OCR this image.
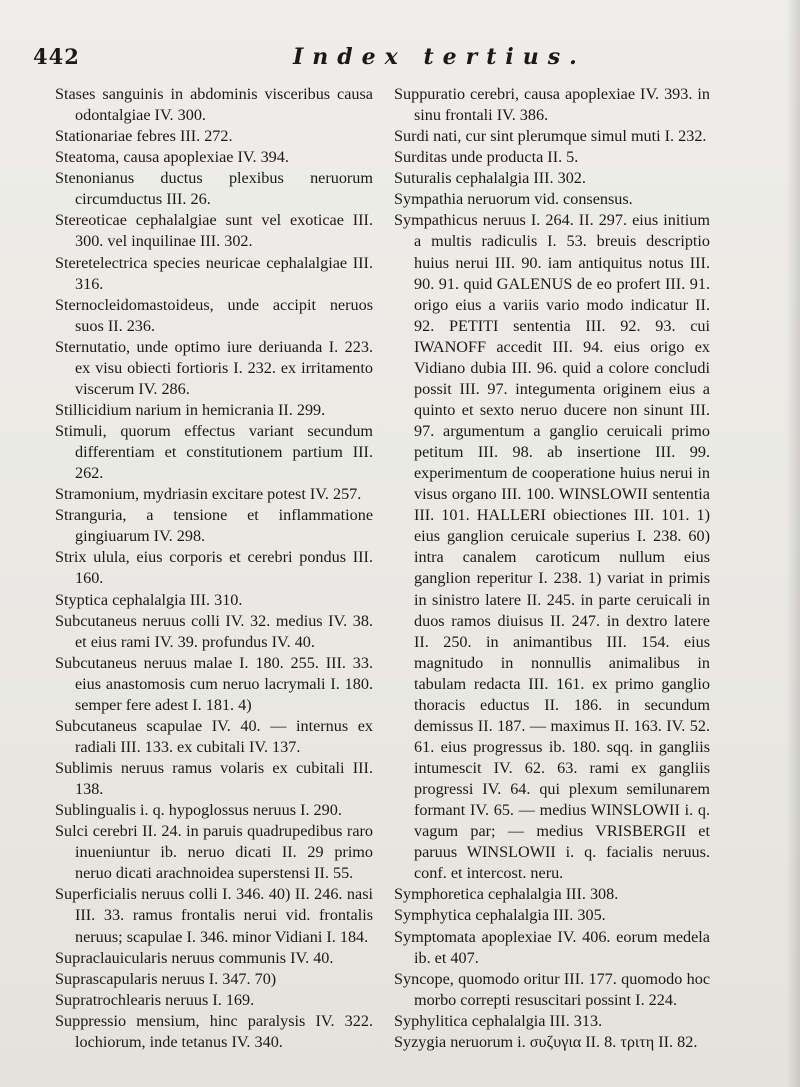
442	Index tertius.
Stases sanguinis in abdominis visceribus causa odontalgiae IV. 300.
Stationariae febres III. 272.
Steatoma, causa apoplexiae IV. 394.
Stenonianus ductus plexibus neruorum circumductus III. 26.
Stereoticae cephalalgiae sunt vel exoticae III. 300. vel inquilinae III. 302.
Stereteleсtrica species neuricae cephalalgiae III. 316.
Sternocleidomastoideus, unde accipit neruos suos II. 236.
Sternutatio, unde optimo iure deriuanda I. 223. ex visu obiecti fortioris I. 232. ex irritamento viscerum IV. 286.
Stillicidium narium in hemicrania II. 299.
Stimuli, quorum effectus variant secundum differentiam et constitutionem partium III. 262.
Stramonium, mydriasin excitare potest IV. 257.
Stranguria, a tensione et inflammatione gingiuarum IV. 298.
Strix ulula, eius corporis et cerebri pondus III. 160.
Styptica cephalalgia III. 310.
Subcutaneus neruus colli IV. 32. medius IV. 38. et eius rami IV. 39. profundus IV. 40.
Subcutaneus neruus malae I. 180. 255. III. 33. eius anastomosis cum neruo lacrymali I. 180. semper fere adest I. 181. 4)
Subcutaneus scapulae IV. 40. — internus ex radiali III. 133. ex cubitali IV. 137.
Sublimis neruus ramus volaris ex cubitali III. 138.
Sublingualis i. q. hypoglossus neruus I. 290.
Sulci cerebri II. 24. in paruis quadrupedibus raro inueniuntur ib. neruo dicati II. 29 primo neruo dicati arachnoidea superstensi II. 55.
Superficialis neruus colli I. 346. 40) II. 246. nasi III. 33. ramus frontalis nerui vid. frontalis neruus; scapulae I. 346. minor Vidiani I. 184.
Supraclauicularis neruus communis IV. 40.
Suprascapularis neruus I. 347. 70)
Supratrochlearis neruus I. 169.
Suppressio mensium, hinc paralysis IV. 322. lochiorum, inde tetanus IV. 340.
Suppuratio cerebri, causa apoplexiae IV. 393. in sinu frontali IV. 386.
Surdi nati, cur sint plerumque simul muti I. 232.
Surditas unde producta II. 5.
Suturalis cephalalgia III. 302.
Sympathia neruorum vid. consensus.
Sympathicus neruus I. 264. II. 297. eius initium a multis radiculis I. 53. breuis descriptio huius nerui III. 90. iam antiquitus notus III. 90. 91. quid GALENUS de eo profert III. 91. origo eius a variis vario modo indicatur II. 92. PETITI sententia III. 92. 93. cui IWANOFF accedit III. 94. eius origo ex Vidiano dubia III. 96. quid a colore concludi possit III. 97. integumenta originem eius a quinto et sexto neruo ducere non sinunt III. 97. argumentum a ganglio ceruicali primo petitum III. 98. ab insertione III. 99. experimentum de cooperatione huius nerui in visus organo III. 100. WINSLOWII sententia III. 101. HALLERI obiectiones III. 101. 1) eius ganglion ceruicale superius I. 238. 60) intra canalem caroticum nullum eius ganglion reperitur I. 238. 1) variat in primis in sinistro latere II. 245. in parte ceruicali in duos ramos diuisus II. 247. in dextro latere II. 250. in animantibus III. 154. eius magnitudo in nonnullis animalibus in tabulam redacta III. 161. ex primo ganglio thoracis eductus II. 186. in secundum demissus II. 187. — maximus II. 163. IV. 52. 61. eius progressus ib. 180. sqq. in gangliis intumescit IV. 62. 63. rami ex gangliis progressi IV. 64. qui plexum semilunarem formant IV. 65. — medius WINSLOWII i. q. vagum par; — medius VRISBERGII et paruus WINSLOWII i. q. facialis neruus. conf. et intercost. neru.
Symphoretica cephalalgia III. 308.
Symphytica cephalalgia III. 305.
Symptomata apoplexiae IV. 406. eorum medela ib. et 407.
Syncope, quomodo oritur III. 177. quomodo hoc morbo correpti resuscitari possint I. 224.
Syphylitica cephalalgia III. 313.
Syzygia neruorum i. συζυγια II. 8. τριτη II. 82.
